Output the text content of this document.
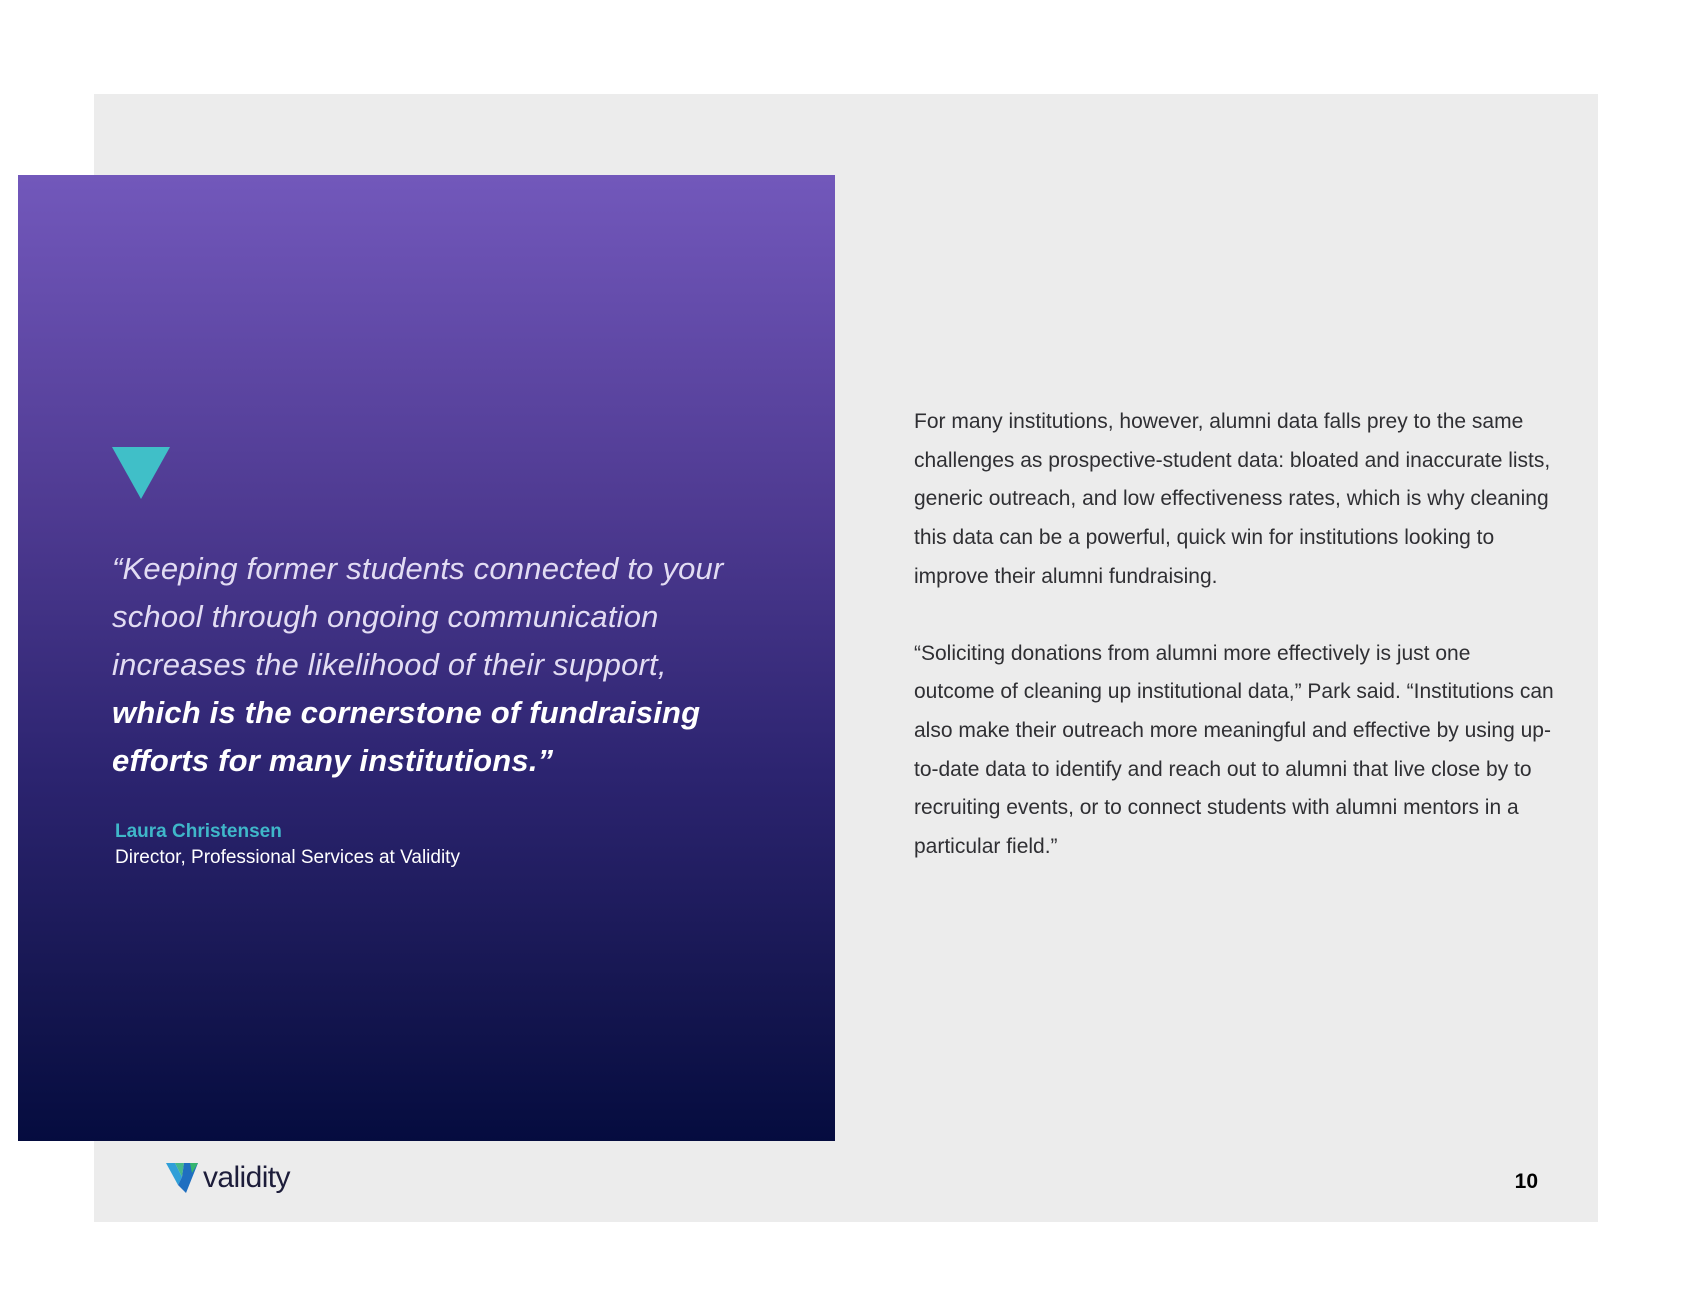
“Keeping former students connected to your school through ongoing communication increases the likelihood of their support, which is the cornerstone of fundraising efforts for many institutions.”
Laura Christensen
Director, Professional Services at Validity

For many institutions, however, alumni data falls prey to the same challenges as prospective-student data: bloated and inaccurate lists, generic outreach, and low effectiveness rates, which is why cleaning this data can be a powerful, quick win for institutions looking to improve their alumni fundraising.

“Soliciting donations from alumni more effectively is just one outcome of cleaning up institutional data,” Park said. “Institutions can also make their outreach more meaningful and effective by using up-to-date data to identify and reach out to alumni that live close by to recruiting events, or to connect students with alumni mentors in a particular field.”

validity	10
